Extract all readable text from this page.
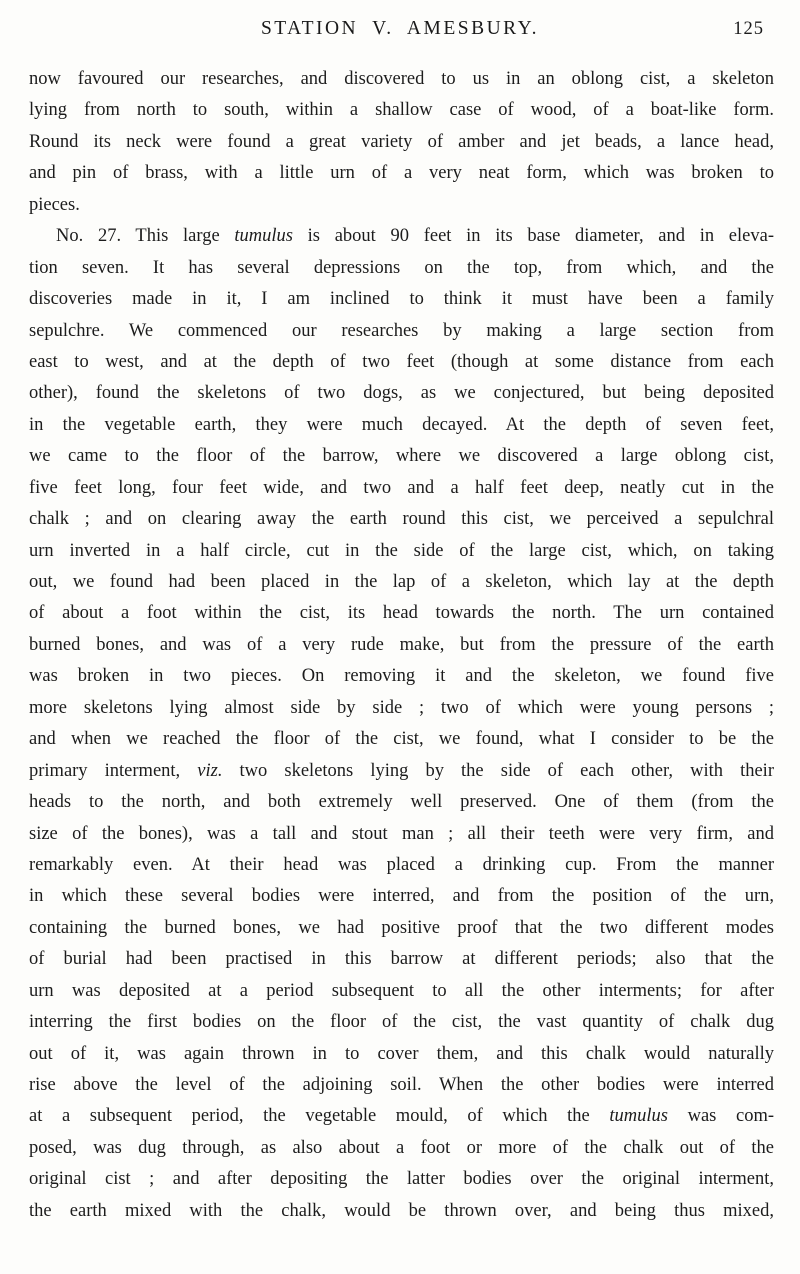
STATION V. AMESBURY.	125
now favoured our researches, and discovered to us in an oblong cist, a skeleton
lying from north to south, within a shallow case of wood, of a boat-like form.
Round its neck were found a great variety of amber and jet beads, a lance head,
and pin of brass, with a little urn of a very neat form, which was broken to
pieces.
No. 27. This large tumulus is about 90 feet in its base diameter, and in eleva-
tion seven. It has several depressions on the top, from which, and the
discoveries made in it, I am inclined to think it must have been a family
sepulchre. We commenced our researches by making a large section from
east to west, and at the depth of two feet (though at some distance from each
other), found the skeletons of two dogs, as we conjectured, but being deposited
in the vegetable earth, they were much decayed. At the depth of seven feet,
we came to the floor of the barrow, where we discovered a large oblong cist,
five feet long, four feet wide, and two and a half feet deep, neatly cut in the
chalk ; and on clearing away the earth round this cist, we perceived a sepulchral
urn inverted in a half circle, cut in the side of the large cist, which, on taking
out, we found had been placed in the lap of a skeleton, which lay at the depth
of about a foot within the cist, its head towards the north. The urn contained
burned bones, and was of a very rude make, but from the pressure of the earth
was broken in two pieces. On removing it and the skeleton, we found five
more skeletons lying almost side by side ; two of which were young persons ;
and when we reached the floor of the cist, we found, what I consider to be the
primary interment, viz. two skeletons lying by the side of each other, with their
heads to the north, and both extremely well preserved. One of them (from the
size of the bones), was a tall and stout man ; all their teeth were very firm, and
remarkably even. At their head was placed a drinking cup. From the manner
in which these several bodies were interred, and from the position of the urn,
containing the burned bones, we had positive proof that the two different modes
of burial had been practised in this barrow at different periods; also that the
urn was deposited at a period subsequent to all the other interments; for after
interring the first bodies on the floor of the cist, the vast quantity of chalk dug
out of it, was again thrown in to cover them, and this chalk would naturally
rise above the level of the adjoining soil. When the other bodies were interred
at a subsequent period, the vegetable mould, of which the tumulus was com-
posed, was dug through, as also about a foot or more of the chalk out of the
original cist ; and after depositing the latter bodies over the original interment,
the earth mixed with the chalk, would be thrown over, and being thus mixed,
